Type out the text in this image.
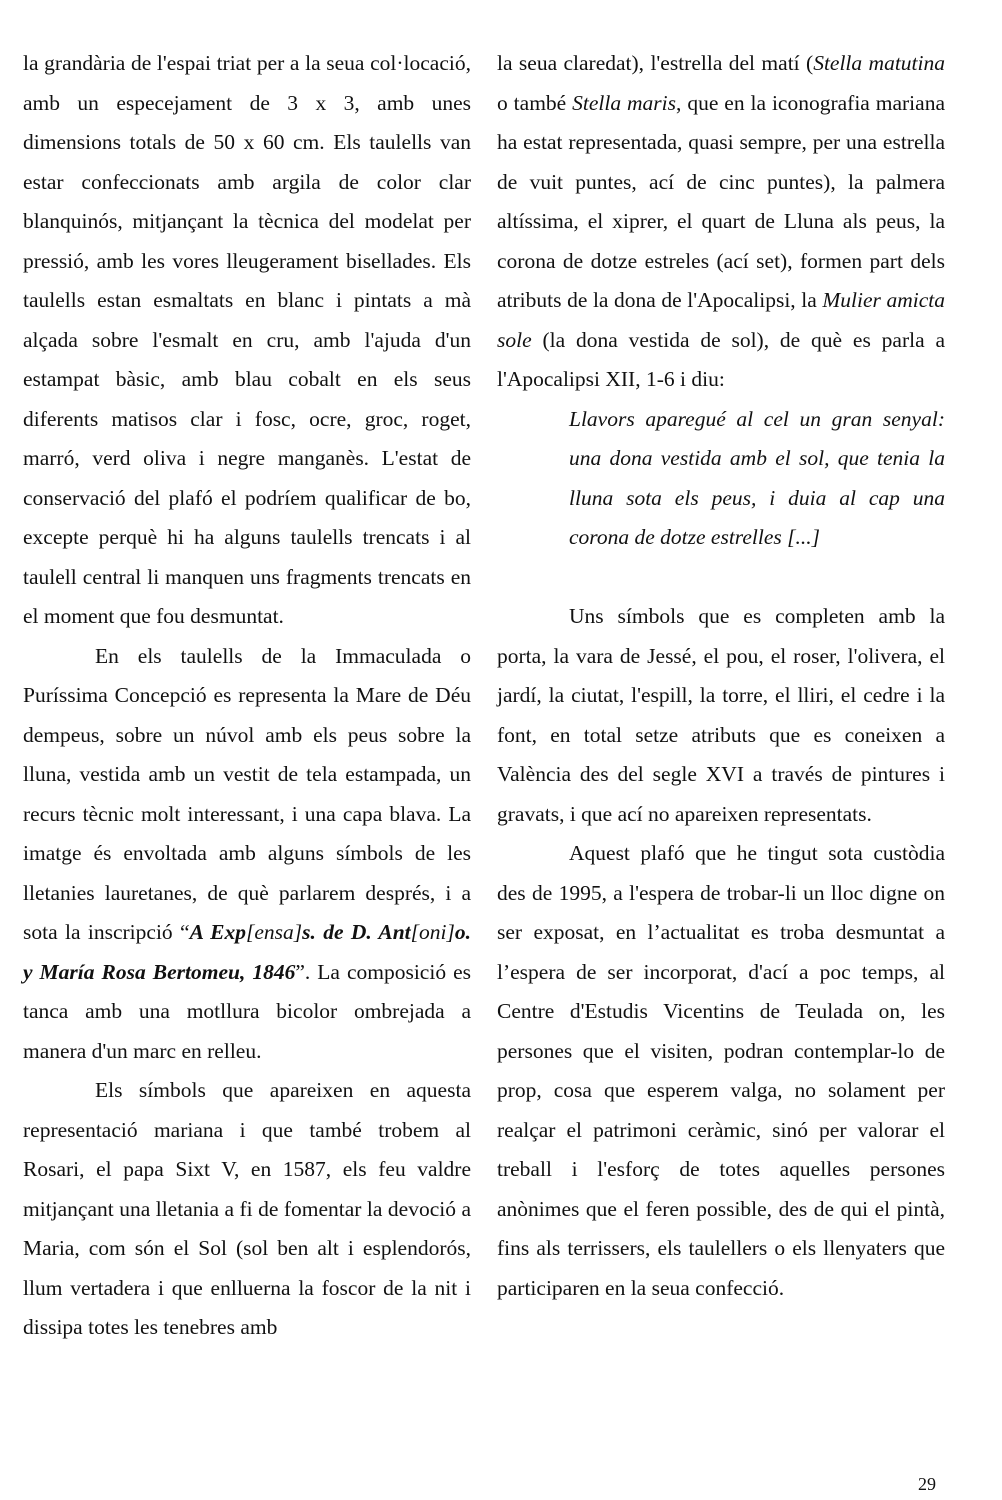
la grandària de l'espai triat per a la seua col·locació, amb un especejament de 3 x 3, amb unes dimensions totals de 50 x 60 cm. Els taulells van estar confeccionats amb argila de color clar blanquinós, mitjançant la tècnica del modelat per pressió, amb les vores lleugerament bisellades. Els taulells estan esmaltats en blanc i pintats a mà alçada sobre l'esmalt en cru, amb l'ajuda d'un estampat bàsic, amb blau cobalt en els seus diferents matisos clar i fosc, ocre, groc, roget, marró, verd oliva i negre manganès. L'estat de conservació del plafó el podríem qualificar de bo, excepte perquè hi ha alguns taulells trencats i al taulell central li manquen uns fragments trencats en el moment que fou desmuntat.

En els taulells de la Immaculada o Puríssima Concepció es representa la Mare de Déu dempeus, sobre un núvol amb els peus sobre la lluna, vestida amb un vestit de tela estampada, un recurs tècnic molt interessant, i una capa blava. La imatge és envoltada amb alguns símbols de les lletanies lauretanes, de què parlarem després, i a sota la inscripció “A Exp[ensa]s. de D. Ant[oni]o. y María Rosa Bertomeu, 1846”. La composició es tanca amb una motllura bicolor ombrejada a manera d'un marc en relleu.

Els símbols que apareixen en aquesta representació mariana i que també trobem al Rosari, el papa Sixt V, en 1587, els feu valdre mitjançant una lletania a fi de fomentar la devoció a Maria, com són el Sol (sol ben alt i esplendorós, llum vertadera i que enlluerna la foscor de la nit i dissipa totes les tenebres amb

la seua claredat), l'estrella del matí (Stella matutina o també Stella maris, que en la iconografia mariana ha estat representada, quasi sempre, per una estrella de vuit puntes, ací de cinc puntes), la palmera altíssima, el xiprer, el quart de Lluna als peus, la corona de dotze estreles (ací set), formen part dels atributs de la dona de l'Apocalipsi, la Mulier amicta sole (la dona vestida de sol), de què es parla a l'Apocalipsi XII, 1-6 i diu:

Llavors aparegué al cel un gran senyal: una dona vestida amb el sol, que tenia la lluna sota els peus, i duia al cap una corona de dotze estrelles [...]

Uns símbols que es completen amb la porta, la vara de Jessé, el pou, el roser, l'olivera, el jardí, la ciutat, l'espill, la torre, el lliri, el cedre i la font, en total setze atributs que es coneixen a València des del segle XVI a través de pintures i gravats, i que ací no apareixen representats.

Aquest plafó que he tingut sota custòdia des de 1995, a l'espera de trobar-li un lloc digne on ser exposat, en l’actualitat es troba desmuntat a l’espera de ser incorporat, d'ací a poc temps, al Centre d'Estudis Vicentins de Teulada on, les persones que el visiten, podran contemplar-lo de prop, cosa que esperem valga, no solament per realçar el patrimoni ceràmic, sinó per valorar el treball i l'esforç de totes aquelles persones anònimes que el feren possible, des de qui el pintà, fins als terrissers, els taulellers o els llenyaters que participaren en la seua confecció.

29
